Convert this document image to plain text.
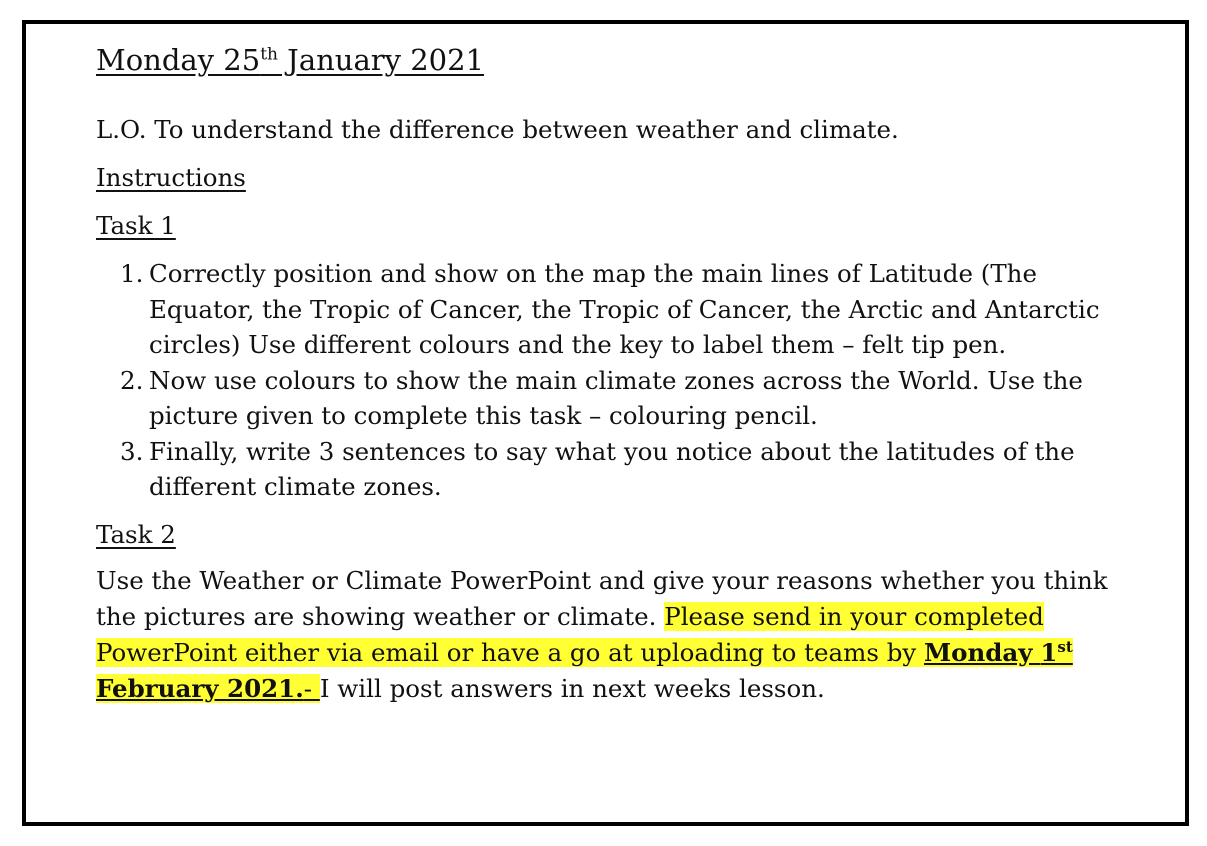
Monday 25th January 2021

L.O. To understand the difference between weather and climate.

Instructions

Task 1

1. Correctly position and show on the map the main lines of Latitude (The Equator, the Tropic of Cancer, the Tropic of Cancer, the Arctic and Antarctic circles) Use different colours and the key to label them – felt tip pen.
2. Now use colours to show the main climate zones across the World. Use the picture given to complete this task – colouring pencil.
3. Finally, write 3 sentences to say what you notice about the latitudes of the different climate zones.

Task 2

Use the Weather or Climate PowerPoint and give your reasons whether you think the pictures are showing weather or climate. Please send in your completed PowerPoint either via email or have a go at uploading to teams by Monday 1st February 2021.- I will post answers in next weeks lesson.
